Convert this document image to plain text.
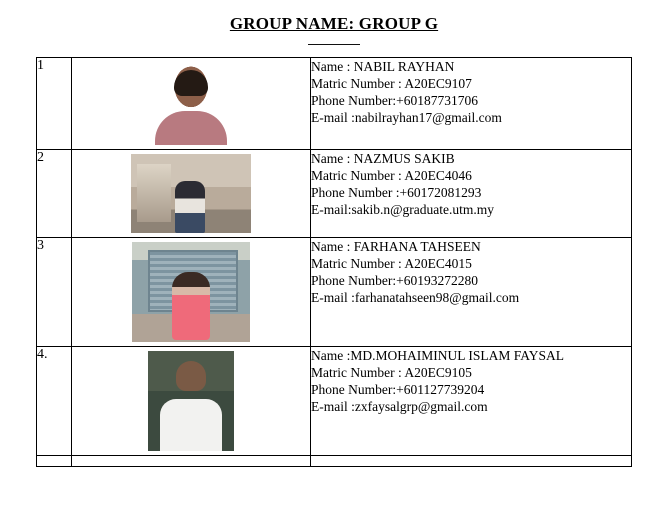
GROUP NAME: GROUP G
1		Name : NABIL RAYHAN
Matric Number : A20EC9107
Phone Number:+60187731706
E-mail :nabilrayhan17@gmail.com

2		Name : NAZMUS SAKIB
Matric Number : A20EC4046
Phone Number :+60172081293
E-mail:sakib.n@graduate.utm.my

3		Name : FARHANA TAHSEEN
Matric Number : A20EC4015
Phone Number:+60193272280
E-mail :farhanatahseen98@gmail.com

4.		Name :MD.MOHAIMINUL ISLAM FAYSAL
Matric Number : A20EC9105
Phone Number:+601127739204
E-mail :zxfaysalgrp@gmail.com
